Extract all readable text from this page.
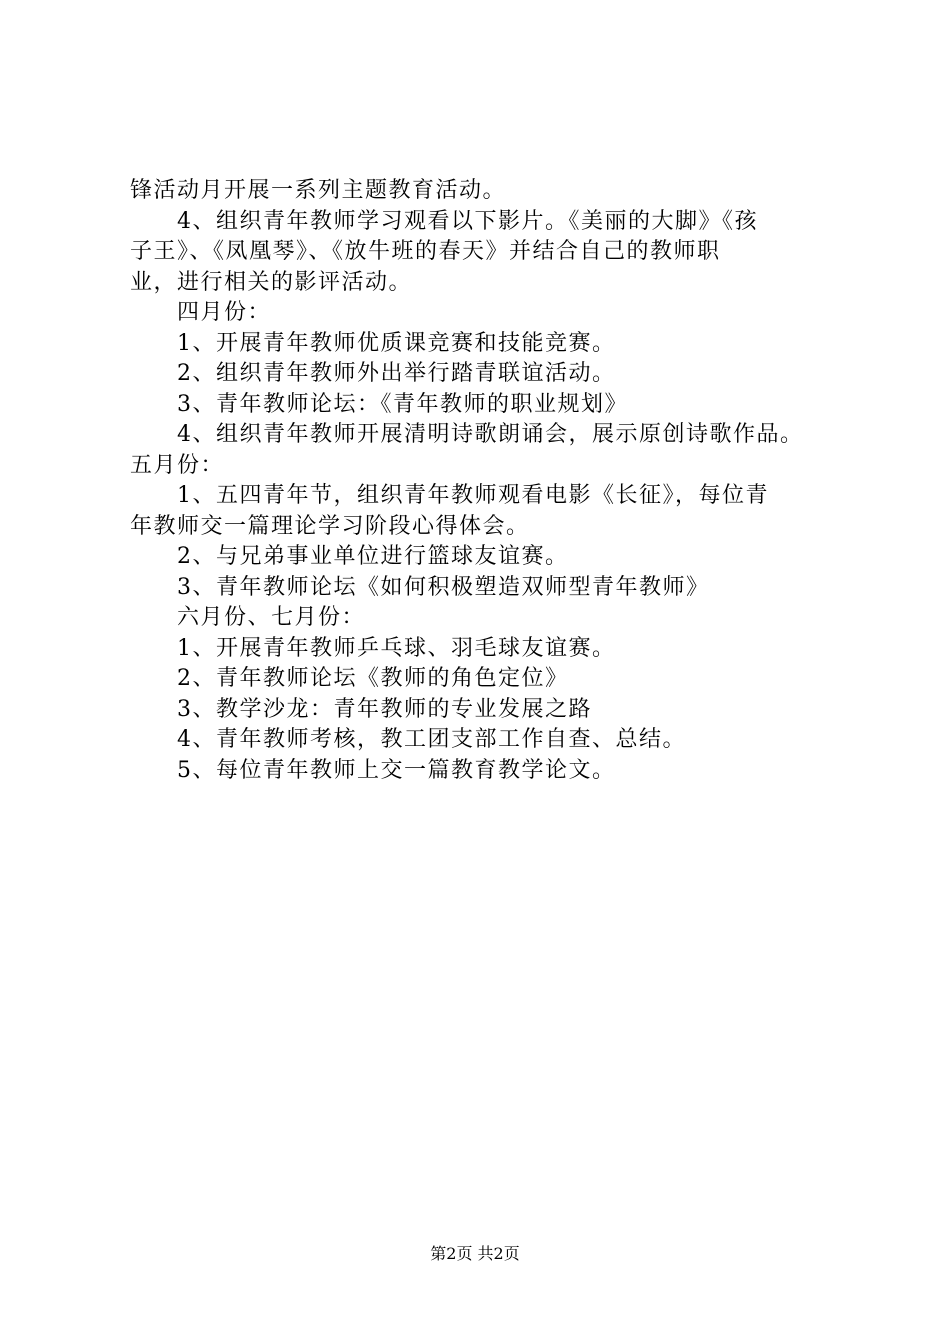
锋活动月开展一系列主题教育活动。
4、组织青年教师学习观看以下影片。《美丽的大脚》《孩
子王》、《凤凰琴》、《放牛班的春天》并结合自己的教师职
业，进行相关的影评活动。
四月份：
1、开展青年教师优质课竞赛和技能竞赛。
2、组织青年教师外出举行踏青联谊活动。
3、青年教师论坛：《青年教师的职业规划》
4、组织青年教师开展清明诗歌朗诵会，展示原创诗歌作品。
五月份：
1、五四青年节，组织青年教师观看电影《长征》，每位青
年教师交一篇理论学习阶段心得体会。
2、与兄弟事业单位进行篮球友谊赛。
3、青年教师论坛《如何积极塑造双师型青年教师》
六月份、七月份：
1、开展青年教师乒乓球、羽毛球友谊赛。
2、青年教师论坛《教师的角色定位》
3、教学沙龙：青年教师的专业发展之路
4、青年教师考核，教工团支部工作自查、总结。
5、每位青年教师上交一篇教育教学论文。
第2页 共2页
